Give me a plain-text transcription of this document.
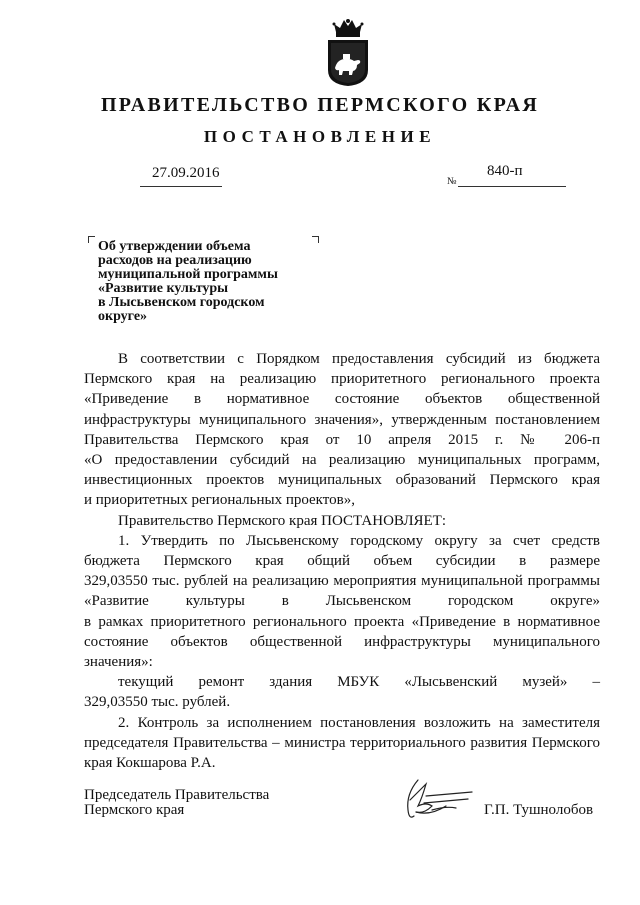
ПРАВИТЕЛЬСТВО ПЕРМСКОГО КРАЯ
ПОСТАНОВЛЕНИЕ
27.09.2016
№
840-п
Об утверждении объема
расходов на реализацию
муниципальной программы
«Развитие культуры
в Лысьвенском городском
округе»
В соответствии с Порядком предоставления субсидий из бюджета
Пермского края на реализацию приоритетного регионального проекта
«Приведение в нормативное состояние объектов общественной
инфраструктуры муниципального значения», утвержденным постановлением
Правительства Пермского края от 10 апреля 2015 г. № 206-п
«О предоставлении субсидий на реализацию муниципальных программ,
инвестиционных проектов муниципальных образований Пермского края
и приоритетных региональных проектов»,
Правительство Пермского края ПОСТАНОВЛЯЕТ:
1. Утвердить по Лысьвенскому городскому округу за счет средств
бюджета Пермского края общий объем субсидии в размере
329,03550 тыс. рублей на реализацию мероприятия муниципальной программы
«Развитие культуры в Лысьвенском городском округе»
в рамках приоритетного регионального проекта «Приведение в нормативное
состояние объектов общественной инфраструктуры муниципального
значения»:
текущий ремонт здания МБУК «Лысьвенский музей» –
329,03550 тыс. рублей.
2. Контроль за исполнением постановления возложить на заместителя
председателя Правительства – министра территориального развития Пермского
края Кокшарова Р.А.
Председатель Правительства
Пермского края	Г.П. Тушнолобов
